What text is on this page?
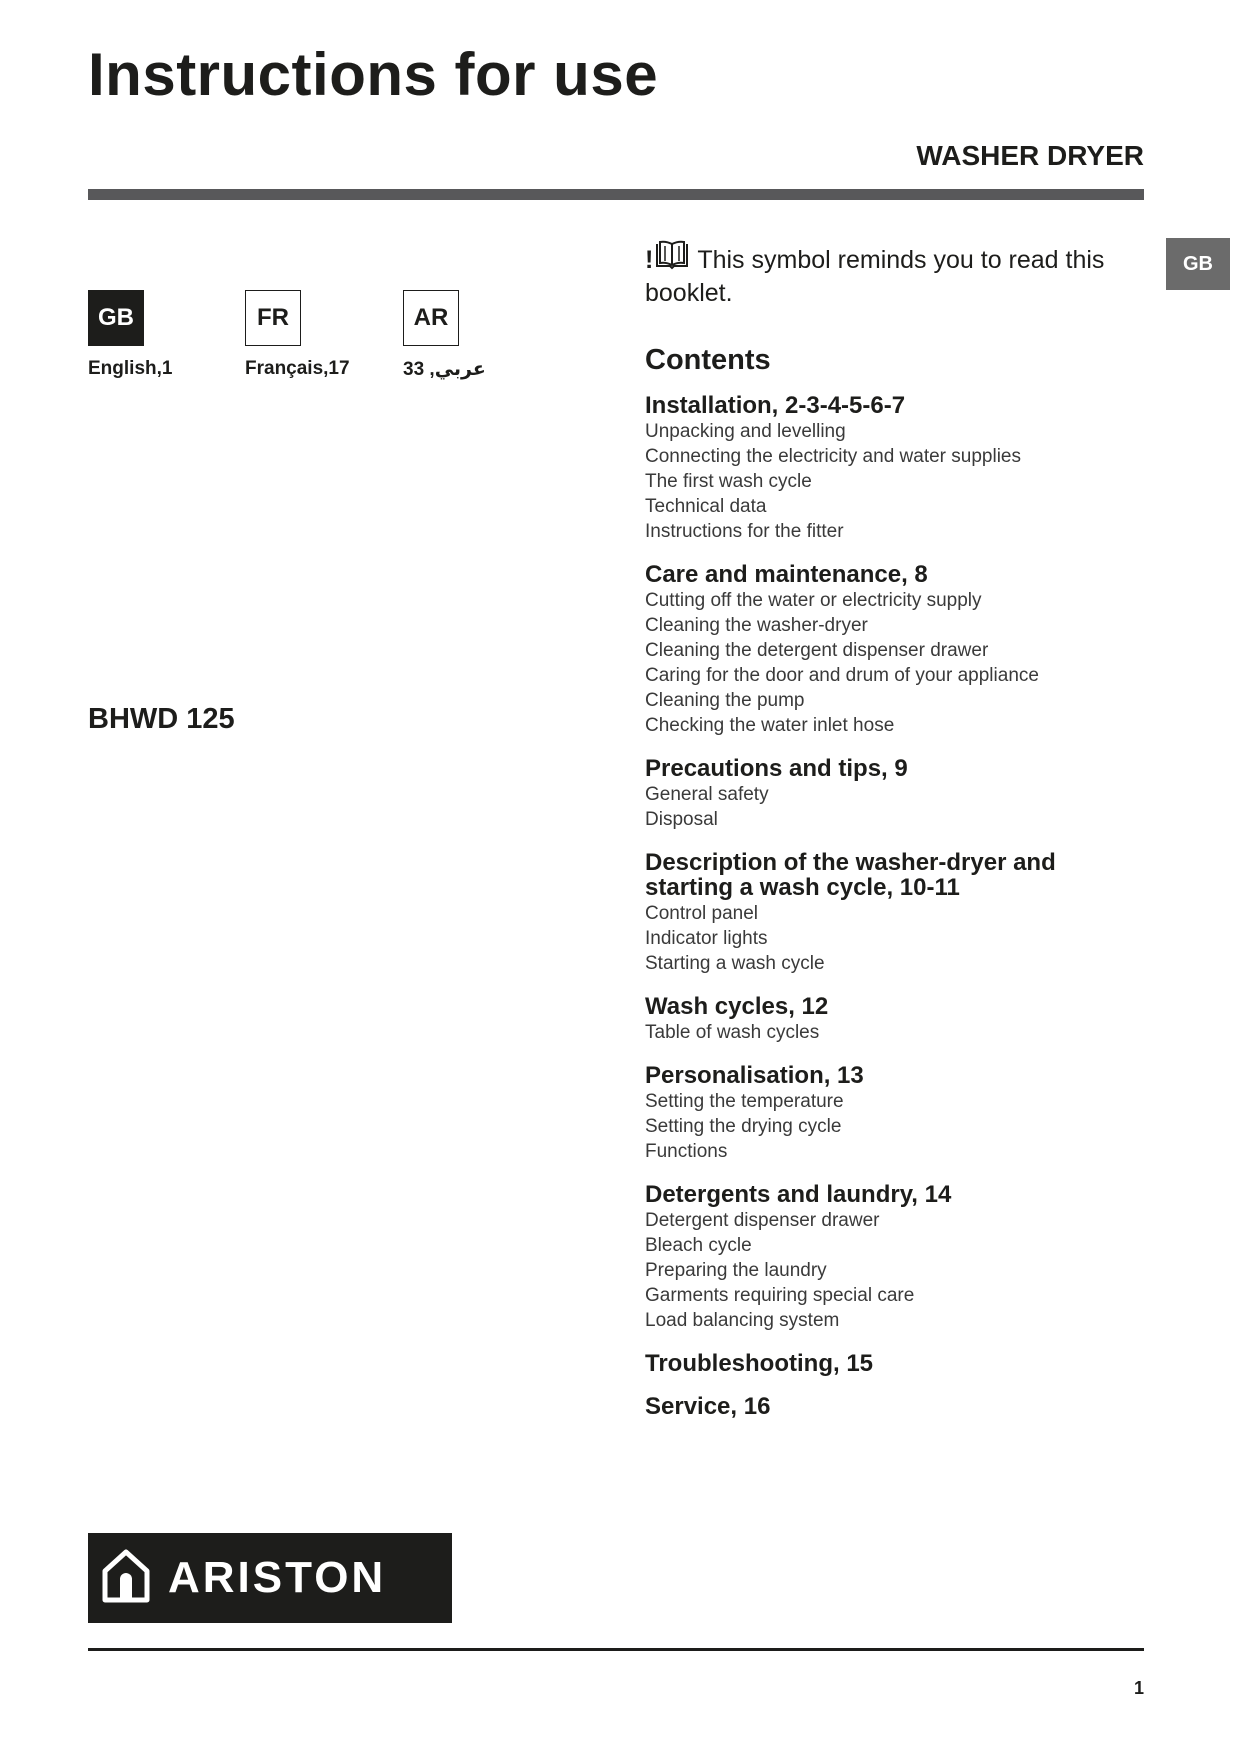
Instructions for use
WASHER DRYER
GB
GB
English,1
FR
Français,17
AR
عربي, 33
BHWD 125
! This symbol reminds you to read this booklet.
Contents
Installation, 2-3-4-5-6-7
Unpacking and levelling
Connecting the electricity and water supplies
The first wash cycle
Technical data
Instructions for the fitter
Care and maintenance, 8
Cutting off the water or electricity supply
Cleaning the washer-dryer
Cleaning the detergent dispenser drawer
Caring for the door and drum of your appliance
Cleaning the pump
Checking the water inlet hose
Precautions and tips, 9
General safety
Disposal
Description of the washer-dryer and starting a wash cycle, 10-11
Control panel
Indicator lights
Starting a wash cycle
Wash cycles, 12
Table of wash cycles
Personalisation, 13
Setting the temperature
Setting the drying cycle
Functions
Detergents and laundry, 14
Detergent dispenser drawer
Bleach cycle
Preparing the laundry
Garments requiring special care
Load balancing system
Troubleshooting, 15
Service, 16
ARISTON
1
